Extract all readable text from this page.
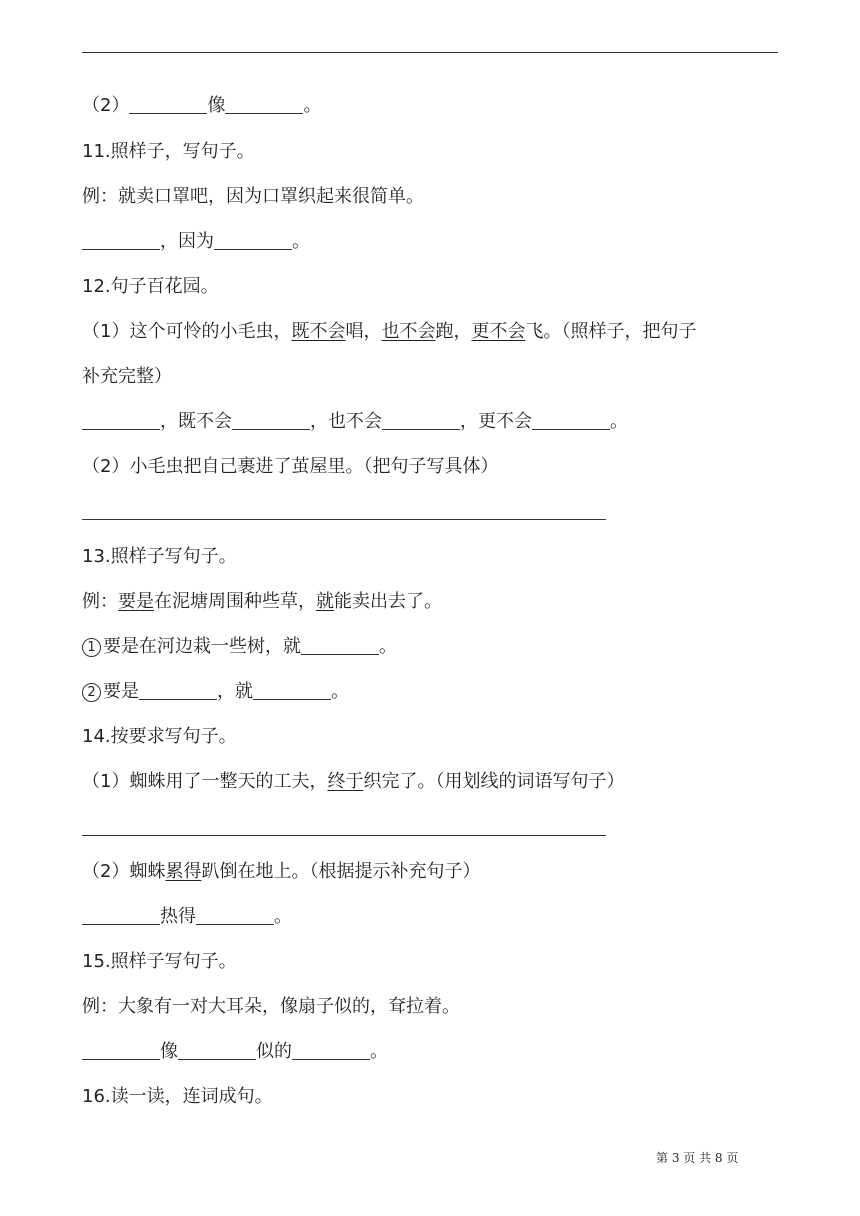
（2）	像	。
11.照样子，写句子。
例：就卖口罩吧，因为口罩织起来很简单。
，因为	。
12.句子百花园。
（1）这个可怜的小毛虫，既不会唱，也不会跑，更不会飞。（照样子，把句子
补充完整）
，既不会	，也不会	，更不会	。
（2）小毛虫把自己裹进了茧屋里。（把句子写具体）
13.照样子写句子。
例：要是在泥塘周围种些草，就能卖出去了。
1 要是在河边栽一些树，就	。
2 要是	，就	。
14.按要求写句子。
（1）蜘蛛用了一整天的工夫，终于织完了。（用划线的词语写句子）
（2）蜘蛛累得趴倒在地上。（根据提示补充句子）
热得	。
15.照样子写句子。
例：大象有一对大耳朵，像扇子似的，耷拉着。
像	似的	。
16.读一读，连词成句。
第 3 页 共 8 页
